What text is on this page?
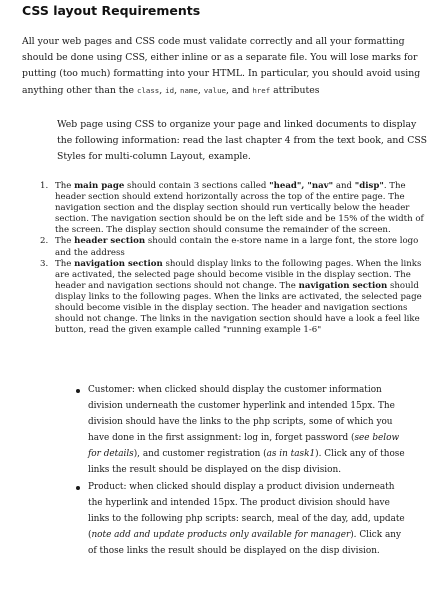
CSS layout Requirements

All your web pages and CSS code must validate correctly and all your formatting should be done using CSS, either inline or as a separate file. You will lose marks for putting (too much) formatting into your HTML. In particular, you should avoid using anything other than the class, id, name, value, and href attributes

Web page using CSS to organize your page and linked documents to display the following information: read the last chapter 4 from the text book, and CSS Styles for multi-column Layout, example.

1. The main page should contain 3 sections called "head", "nav" and "disp". The header section should extend horizontally across the top of the entire page. The navigation section and the display section should run vertically below the header section. The navigation section should be on the left side and be 15% of the width of the screen. The display section should consume the remainder of the screen.
2. The header section should contain the e-store name in a large font, the store logo and the address
3. The navigation section should display links to the following pages. When the links are activated, the selected page should become visible in the display section. The header and navigation sections should not change. The navigation section should display links to the following pages. When the links are activated, the selected page should become visible in the display section. The header and navigation sections should not change. The links in the navigation section should have a look a feel like button, read the given example called "running example 1-6"
Customer: when clicked should display the customer information division underneath the customer hyperlink and intended 15px. The division should have the links to the php scripts, some of which you have done in the first assignment: log in, forget password (see below for details), and customer registration (as in task1). Click any of those links the result should be displayed on the disp division.
Product: when clicked should display a product division underneath the hyperlink and intended 15px. The product division should have links to the following php scripts: search, meal of the day, add, update (note add and update products only available for manager). Click any of those links the result should be displayed on the disp division.
